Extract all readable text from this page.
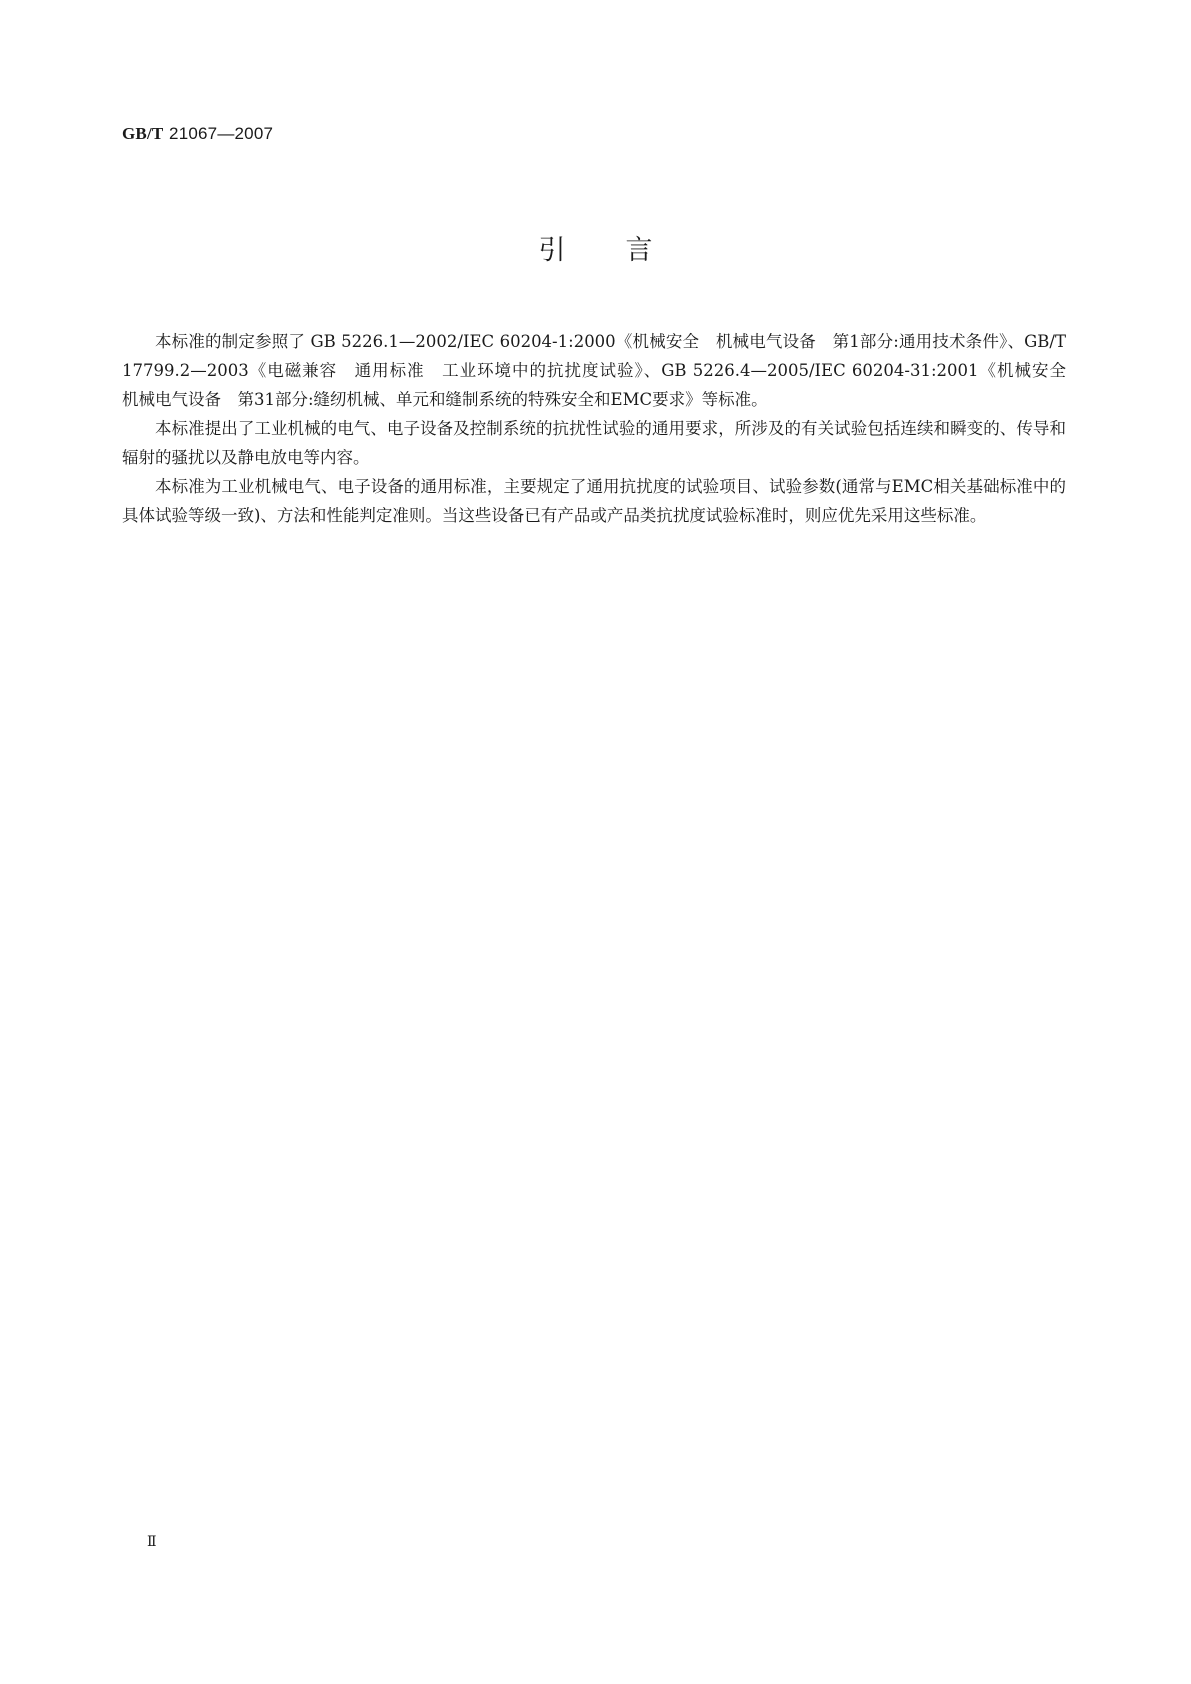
GB/T 21067—2007
引言

本标准的制定参照了 GB 5226.1—2002/IEC 60204-1:2000《机械安全　机械电气设备　第1部分:通用技术条件》、GB/T 17799.2—2003《电磁兼容　通用标准　工业环境中的抗扰度试验》、GB 5226.4—2005/IEC 60204-31:2001《机械安全　机械电气设备　第31部分:缝纫机械、单元和缝制系统的特殊安全和EMC要求》等标准。

本标准提出了工业机械的电气、电子设备及控制系统的抗扰性试验的通用要求，所涉及的有关试验包括连续和瞬变的、传导和辐射的骚扰以及静电放电等内容。

本标准为工业机械电气、电子设备的通用标准，主要规定了通用抗扰度的试验项目、试验参数(通常与EMC相关基础标准中的具体试验等级一致)、方法和性能判定准则。当这些设备已有产品或产品类抗扰度试验标准时，则应优先采用这些标准。

Ⅱ
